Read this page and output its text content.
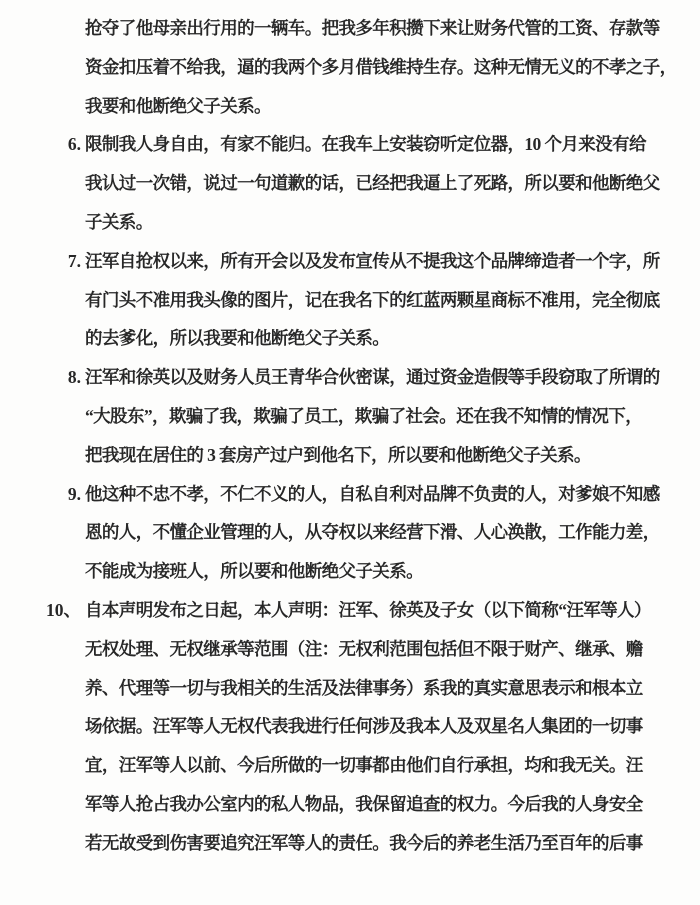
抢夺了他母亲出行用的一辆车。把我多年积攒下来让财务代管的工资、存款等
资金扣压着不给我，逼的我两个多月借钱维持生存。这种无情无义的不孝之子，
我要和他断绝父子关系。
6. 限制我人身自由，有家不能归。在我车上安装窃听定位器，10 个月来没有给
我认过一次错，说过一句道歉的话，已经把我逼上了死路，所以要和他断绝父
子关系。
7. 汪军自抢权以来，所有开会以及发布宣传从不提我这个品牌缔造者一个字，所
有门头不准用我头像的图片，记在我名下的红蓝两颗星商标不准用，完全彻底
的去爹化，所以我要和他断绝父子关系。
8. 汪军和徐英以及财务人员王青华合伙密谋，通过资金造假等手段窃取了所谓的
“大股东”，欺骗了我，欺骗了员工，欺骗了社会。还在我不知情的情况下，
把我现在居住的 3 套房产过户到他名下，所以要和他断绝父子关系。
9. 他这种不忠不孝，不仁不义的人，自私自利对品牌不负责的人，对爹娘不知感
恩的人，不懂企业管理的人，从夺权以来经营下滑、人心涣散，工作能力差，
不能成为接班人，所以要和他断绝父子关系。
10、 自本声明发布之日起，本人声明：汪军、徐英及子女（以下简称“汪军等人）
无权处理、无权继承等范围（注：无权利范围包括但不限于财产、继承、赡
养、代理等一切与我相关的生活及法律事务）系我的真实意思表示和根本立
场依据。汪军等人无权代表我进行任何涉及我本人及双星名人集团的一切事
宜，汪军等人以前、今后所做的一切事都由他们自行承担，均和我无关。汪
军等人抢占我办公室内的私人物品，我保留追查的权力。今后我的人身安全
若无故受到伤害要追究汪军等人的责任。我今后的养老生活乃至百年的后事
